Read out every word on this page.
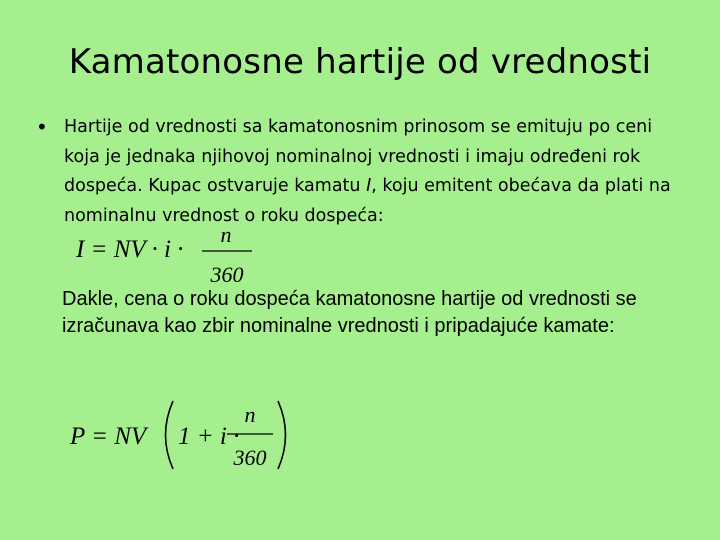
Kamatonosne hartije od vrednosti
• Hartije od vrednosti sa kamatonosnim prinosom se emituju po ceni koja je jednaka njihovoj nominalnoj vrednosti i imaju određeni rok dospeća. Kupac ostvaruje kamatu I, koju emitent obećava da plati na nominalnu vrednost o roku dospeća:
I = NV · i ·
n
360
Dakle, cena o roku dospeća kamatonosne hartije od vrednosti se izračunava kao zbir nominalne vrednosti i pripadajuće kamate:
P = NV 1 + i ·
n
360
